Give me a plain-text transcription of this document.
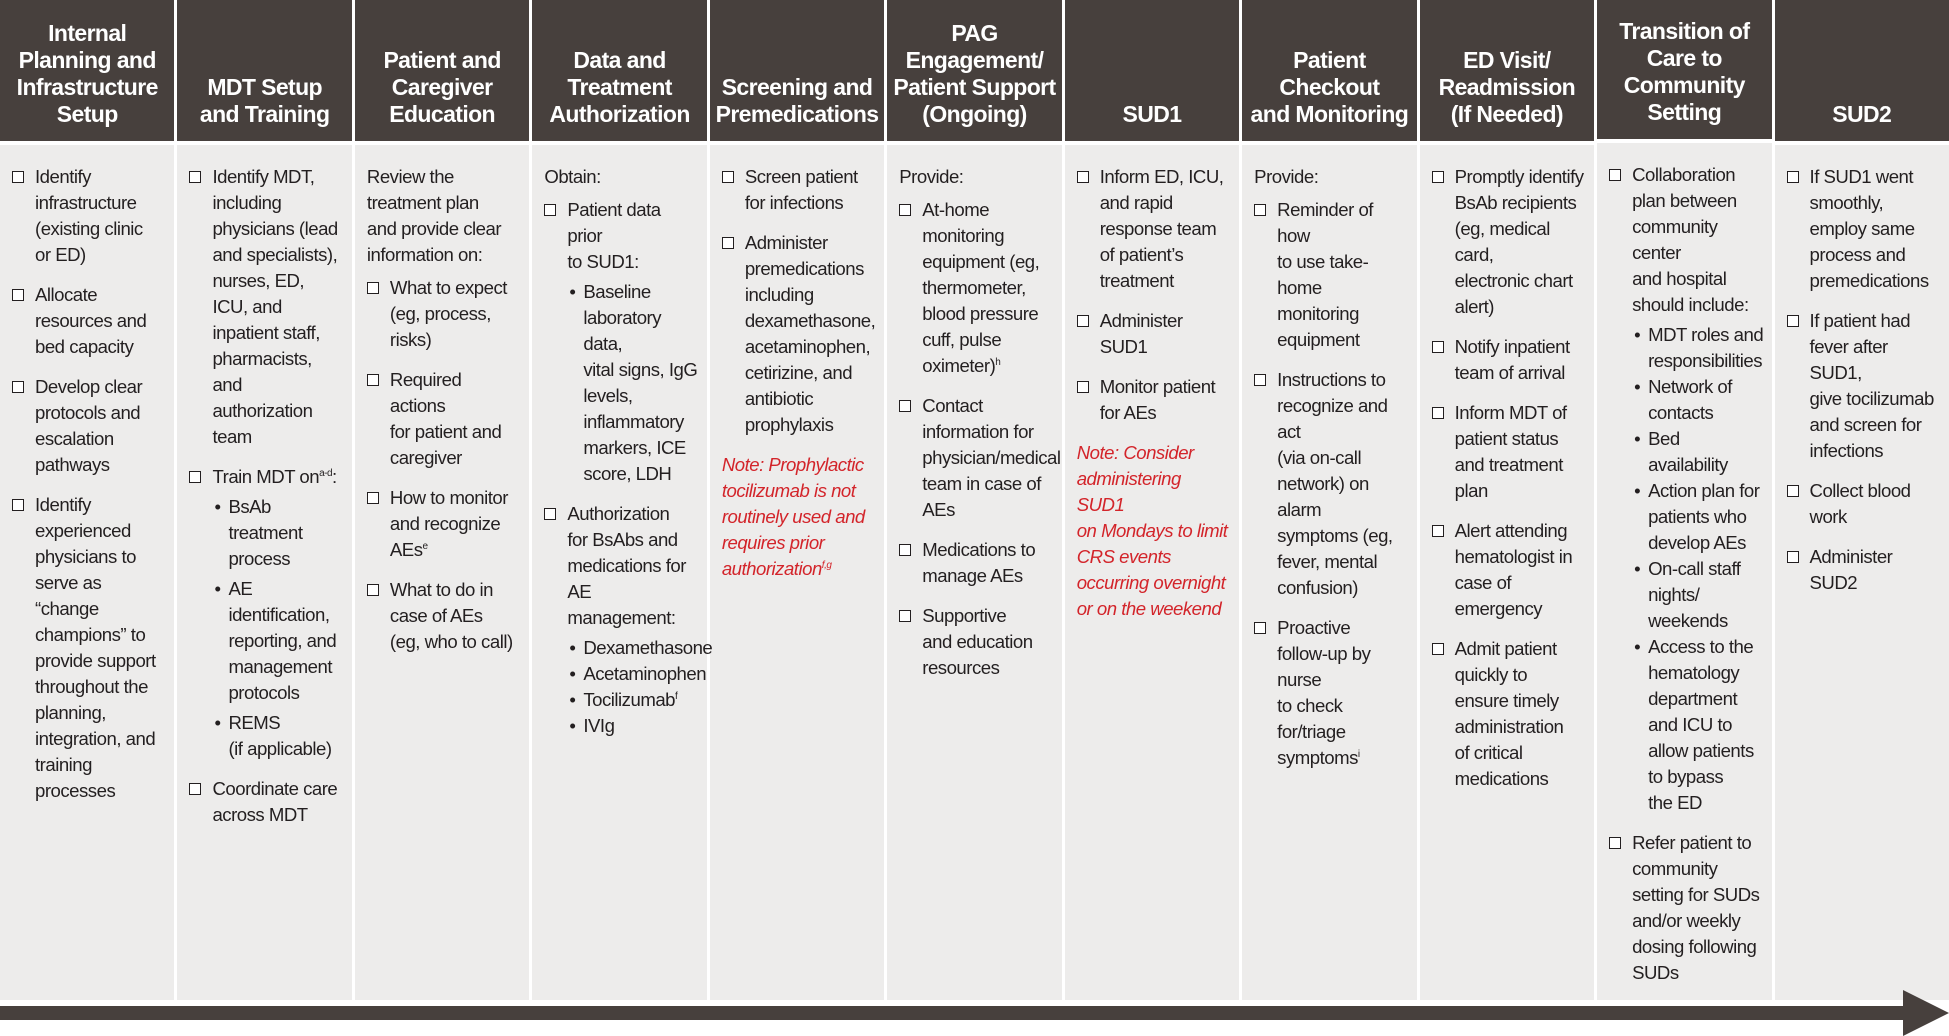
Internal
Planning and
Infrastructure
Setup
Identify
infrastructure
(existing clinic
or ED)
Allocate
resources and
bed capacity
Develop clear
protocols and
escalation
pathways
Identify
experienced
physicians to
serve as “change
champions” to
provide support
throughout the
planning,
integration, and
training processes
MDT Setup
and Training
Identify MDT,
including
physicians (lead
and specialists),
nurses, ED,
ICU, and
inpatient staff,
pharmacists,
and authorization
team
Train MDT $on^{a-d}$:
• BsAb treatment
process
• AE identification,
reporting, and
management
protocols
• REMS
(if applicable)
Coordinate care
across MDT
Patient and
Caregiver
Education
Review the
treatment plan
and provide clear
information on:
What to expect
(eg, process, risks)
Required actions
for patient and
caregiver
How to monitor
and recognize
AEs$^e$
What to do in
case of AEs
(eg, who to call)
Data and
Treatment
Authorization
Obtain:
Patient data prior
to SUD1:
• Baseline
laboratory data,
vital signs, IgG
levels,
inflammatory
markers, ICE
score, LDH
Authorization
for BsAbs and
medications for
AE management:
• Dexamethasone
• Acetaminophen
• Tocilizumab$^f$
• IVIg
Screening and
Premedications
Screen patient
for infections
Administer
premedications
including
dexamethasone,
acetaminophen,
cetirizine, and
antibiotic
prophylaxis
Note: Prophylactic
tocilizumab is not
routinely used and
requires prior
authorization$^{f,g}$
PAG
Engagement/
Patient Support
(Ongoing)
Provide:
At-home
monitoring
equipment (eg,
thermometer,
blood pressure
cuff, pulse
oximeter)$^h$
Contact
information for
physician/medical
team in case of
AEs
Medications to
manage AEs
Supportive
and education
resources
SUD1
Inform ED, ICU,
and rapid
response team
of patient’s
treatment
Administer SUD1
Monitor patient
for AEs
Note: Consider
administering SUD1
on Mondays to limit
CRS events
occurring overnight
or on the weekend
Patient Checkout
and Monitoring
Provide:
Reminder of how
to use take-home
monitoring
equipment
Instructions to
recognize and act
(via on-call
network) on alarm
symptoms (eg,
fever, mental
confusion)
Proactive
follow-up by nurse
to check for/triage
symptoms$^i$
ED Visit/
Readmission
(If Needed)
Promptly identify
BsAb recipients
(eg, medical card,
electronic chart
alert)
Notify inpatient
team of arrival
Inform MDT of
patient status
and treatment
plan
Alert attending
hematologist in
case of
emergency
Admit patient
quickly to
ensure timely
administration
of critical
medications
Transition of
Care to
Community
Setting
Collaboration
plan between
community center
and hospital
should include:
• MDT roles and
responsibilities
• Network of
contacts
• Bed availability
• Action plan for
patients who
develop AEs
• On-call staff
nights/
weekends
• Access to the
hematology
department
and ICU to
allow patients
to bypass
the ED
Refer patient to
community
setting for SUDs
and/or weekly
dosing following
SUDs
SUD2
If SUD1 went
smoothly,
employ same
process and
premedications
If patient had
fever after SUD1,
give tocilizumab
and screen for
infections
Collect blood work
Administer SUD2
